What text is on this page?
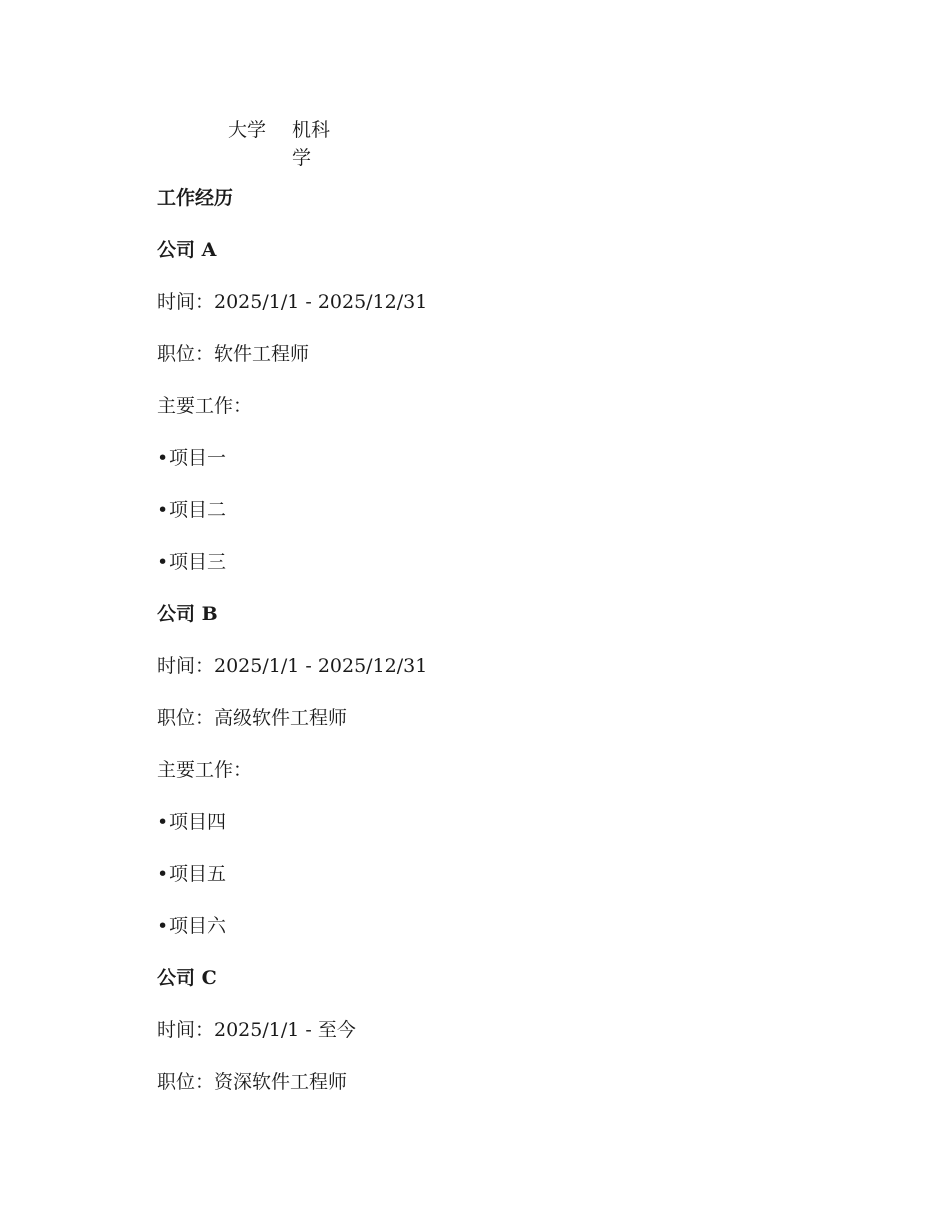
大学 机科学
工作经历
公司 A
时间：2025/1/1 - 2025/12/31
职位：软件工程师
主要工作：
•项目一
•项目二
•项目三
公司 B
时间：2025/1/1 - 2025/12/31
职位：高级软件工程师
主要工作：
•项目四
•项目五
•项目六
公司 C
时间：2025/1/1 - 至今
职位：资深软件工程师
